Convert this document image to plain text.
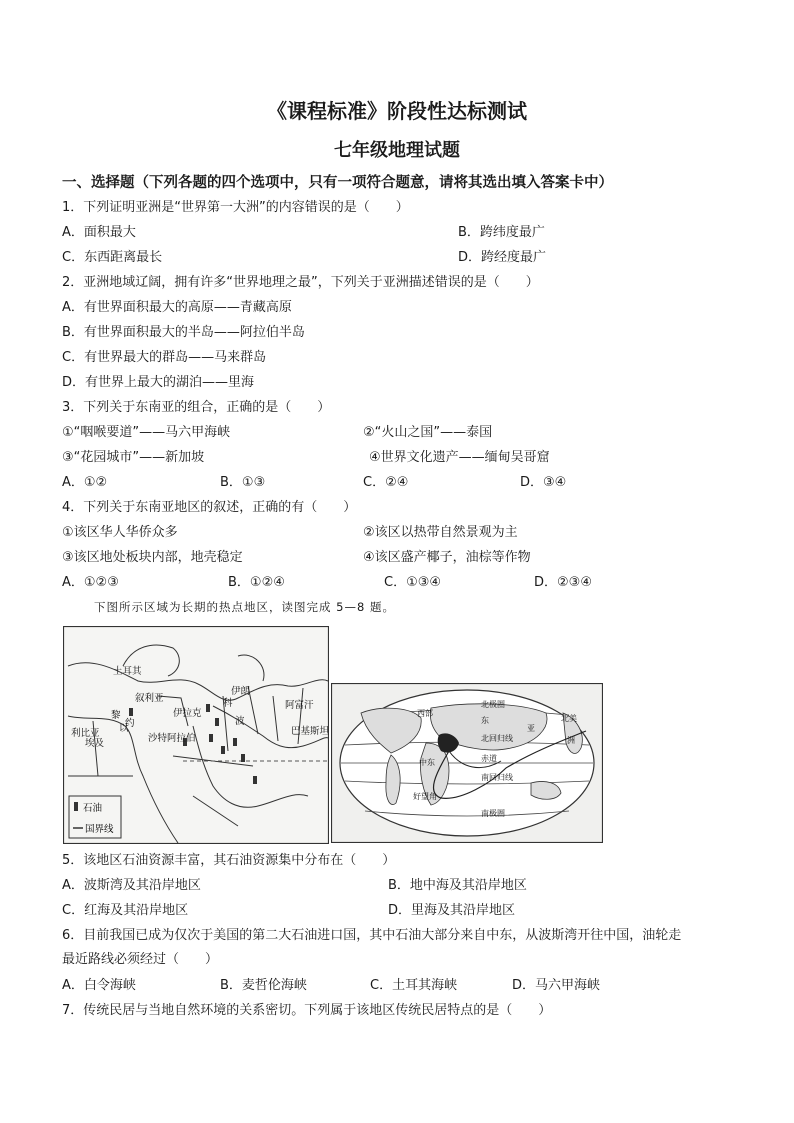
《课程标准》阶段性达标测试
七年级地理试题
一、选择题（下列各题的四个选项中，只有一项符合题意，请将其选出填入答案卡中）
1．下列证明亚洲是“世界第一大洲”的内容错误的是（　　）
A．面积最大	B．跨纬度最广
C．东西距离最长	D．跨经度最广
2．亚洲地域辽阔，拥有许多“世界地理之最”，下列关于亚洲描述错误的是（　　）
A．有世界面积最大的高原——青藏高原
B．有世界面积最大的半岛——阿拉伯半岛
C．有世界最大的群岛——马来群岛
D．有世界上最大的湖泊——里海
3．下列关于东南亚的组合，正确的是（　　）
①“咽喉要道”——马六甲海峡	②“火山之国”——泰国
③“花园城市”——新加坡	④世界文化遗产——缅甸吴哥窟
A．①②	B．①③	C．②④	D．③④
4．下列关于东南亚地区的叙述，正确的有（　　）
①该区华人华侨众多	②该区以热带自然景观为主
③该区地处板块内部，地壳稳定	④该区盛产椰子，油棕等作物
A．①②③	B．①②④	C．①③④	D．②③④
下图所示区域为长期的热点地区，读图完成 5—8 题。
土耳其
叙利亚
伊朗
阿富汗
伊拉克
利比亚
埃及	沙特阿拉伯
波
巴基斯坦
约
科
黎
以
石油
国界线
西部
北极圈
北回归线
赤道
南回归线
南极圈
中东
好望角
东
亚
北美
洲
5．该地区石油资源丰富，其石油资源集中分布在（　　）
A．波斯湾及其沿岸地区	B．地中海及其沿岸地区
C．红海及其沿岸地区	D．里海及其沿岸地区
6．目前我国已成为仅次于美国的第二大石油进口国，其中石油大部分来自中东，从波斯湾开往中国，油轮走
最近路线必须经过（　　）
A．白令海峡	B．麦哲伦海峡	C．土耳其海峡	D．马六甲海峡
7．传统民居与当地自然环境的关系密切。下列属于该地区传统民居特点的是（　　）
